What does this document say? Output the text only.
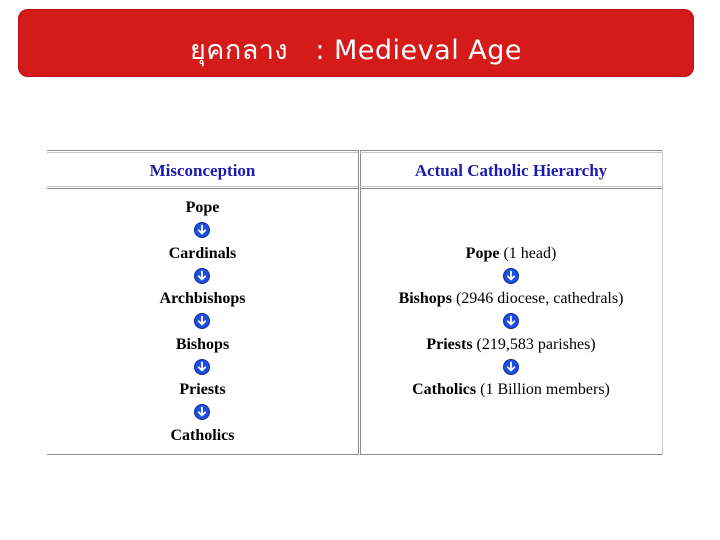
ยุคกลาง   : Medieval Age
Misconception
Pope
Cardinals
Archbishops
Bishops
Priests
Catholics
Actual Catholic Hierarchy
Pope (1 head)
Bishops (2946 diocese, cathedrals)
Priests (219,583 parishes)
Catholics (1 Billion members)
